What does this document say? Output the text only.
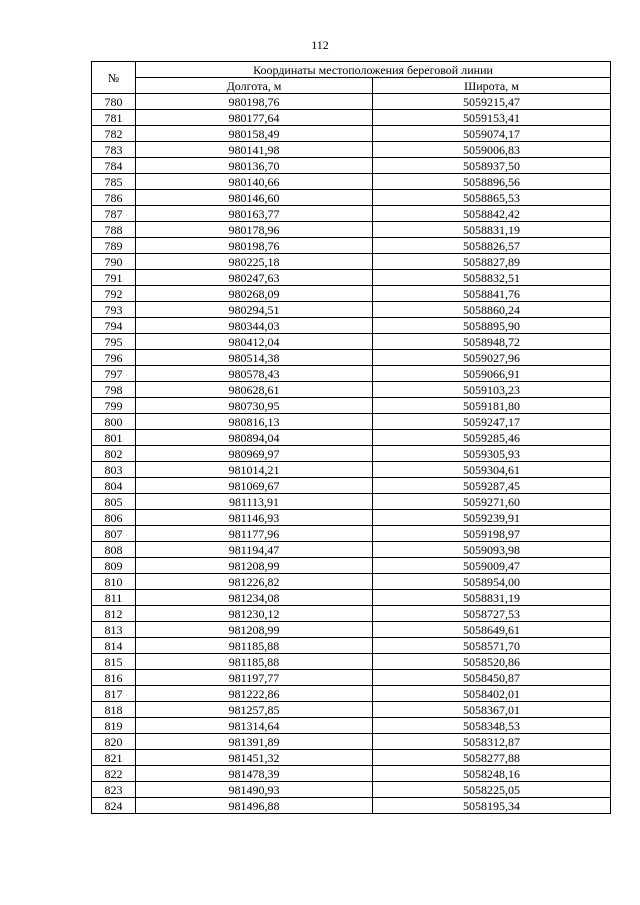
112
№	Координаты местоположения береговой линии	
	Долгота, м	Широта, м
780	980198,76	5059215,47
781	980177,64	5059153,41
782	980158,49	5059074,17
783	980141,98	5059006,83
784	980136,70	5058937,50
785	980140,66	5058896,56
786	980146,60	5058865,53
787	980163,77	5058842,42
788	980178,96	5058831,19
789	980198,76	5058826,57
790	980225,18	5058827,89
791	980247,63	5058832,51
792	980268,09	5058841,76
793	980294,51	5058860,24
794	980344,03	5058895,90
795	980412,04	5058948,72
796	980514,38	5059027,96
797	980578,43	5059066,91
798	980628,61	5059103,23
799	980730,95	5059181,80
800	980816,13	5059247,17
801	980894,04	5059285,46
802	980969,97	5059305,93
803	981014,21	5059304,61
804	981069,67	5059287,45
805	981113,91	5059271,60
806	981146,93	5059239,91
807	981177,96	5059198,97
808	981194,47	5059093,98
809	981208,99	5059009,47
810	981226,82	5058954,00
811	981234,08	5058831,19
812	981230,12	5058727,53
813	981208,99	5058649,61
814	981185,88	5058571,70
815	981185,88	5058520,86
816	981197,77	5058450,87
817	981222,86	5058402,01
818	981257,85	5058367,01
819	981314,64	5058348,53
820	981391,89	5058312,87
821	981451,32	5058277,88
822	981478,39	5058248,16
823	981490,93	5058225,05
824	981496,88	5058195,34
